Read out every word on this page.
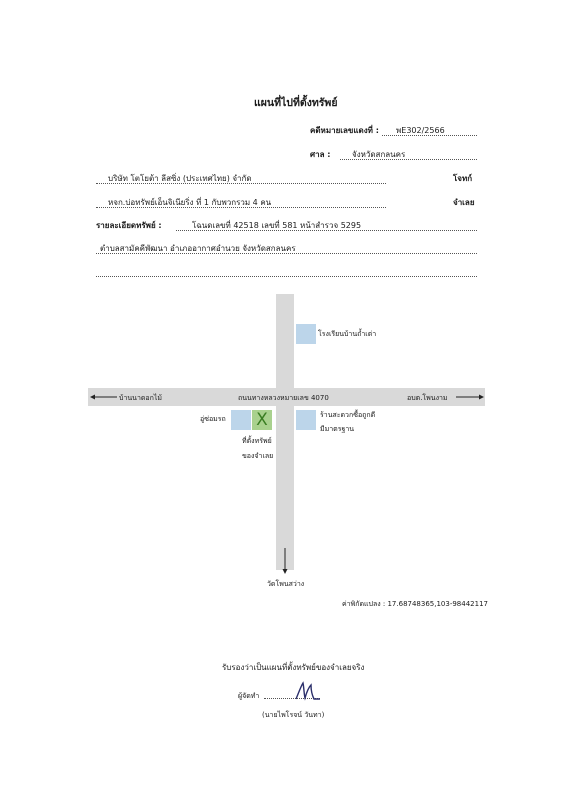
แผนที่ไปที่ตั้งทรัพย์
คดีหมายเลขแดงที่ : พE302/2566
ศาล :	จังหวัดสกลนคร
บริษัท โตโยต้า ลีสซิ่ง (ประเทศไทย) จำกัด	โจทก์
หจก.บ่อทรัพย์เอ็นจิเนียริ่ง ที่ 1 กับพวกรวม 4 คน	จำเลย
รายละเอียดทรัพย์ :	โฉนดเลขที่ 42518 เลขที่ 581 หน้าสำรวจ 5295
ตำบลสามัคคีพัฒนา อำเภออากาศอำนวย จังหวัดสกลนคร
โรงเรียนบ้านถ้ำเต่า
บ้านนาดอกไม้	ถนนทางหลวงหมายเลข 4070	อบต.โพนงาม
อู่ซ่อมรถ X
ที่ตั้งทรัพย์
ของจำเลย
ร้านสะดวกซื้อถูกดี
มีมาตรฐาน
วัดโพนสว่าง
ค่าพิกัดแปลง : 17.68748365,103-98442117
รับรองว่าเป็นแผนที่ตั้งทรัพย์ของจำเลยจริง
ผู้จัดทำ
(นายไพโรจน์ วันทา)
